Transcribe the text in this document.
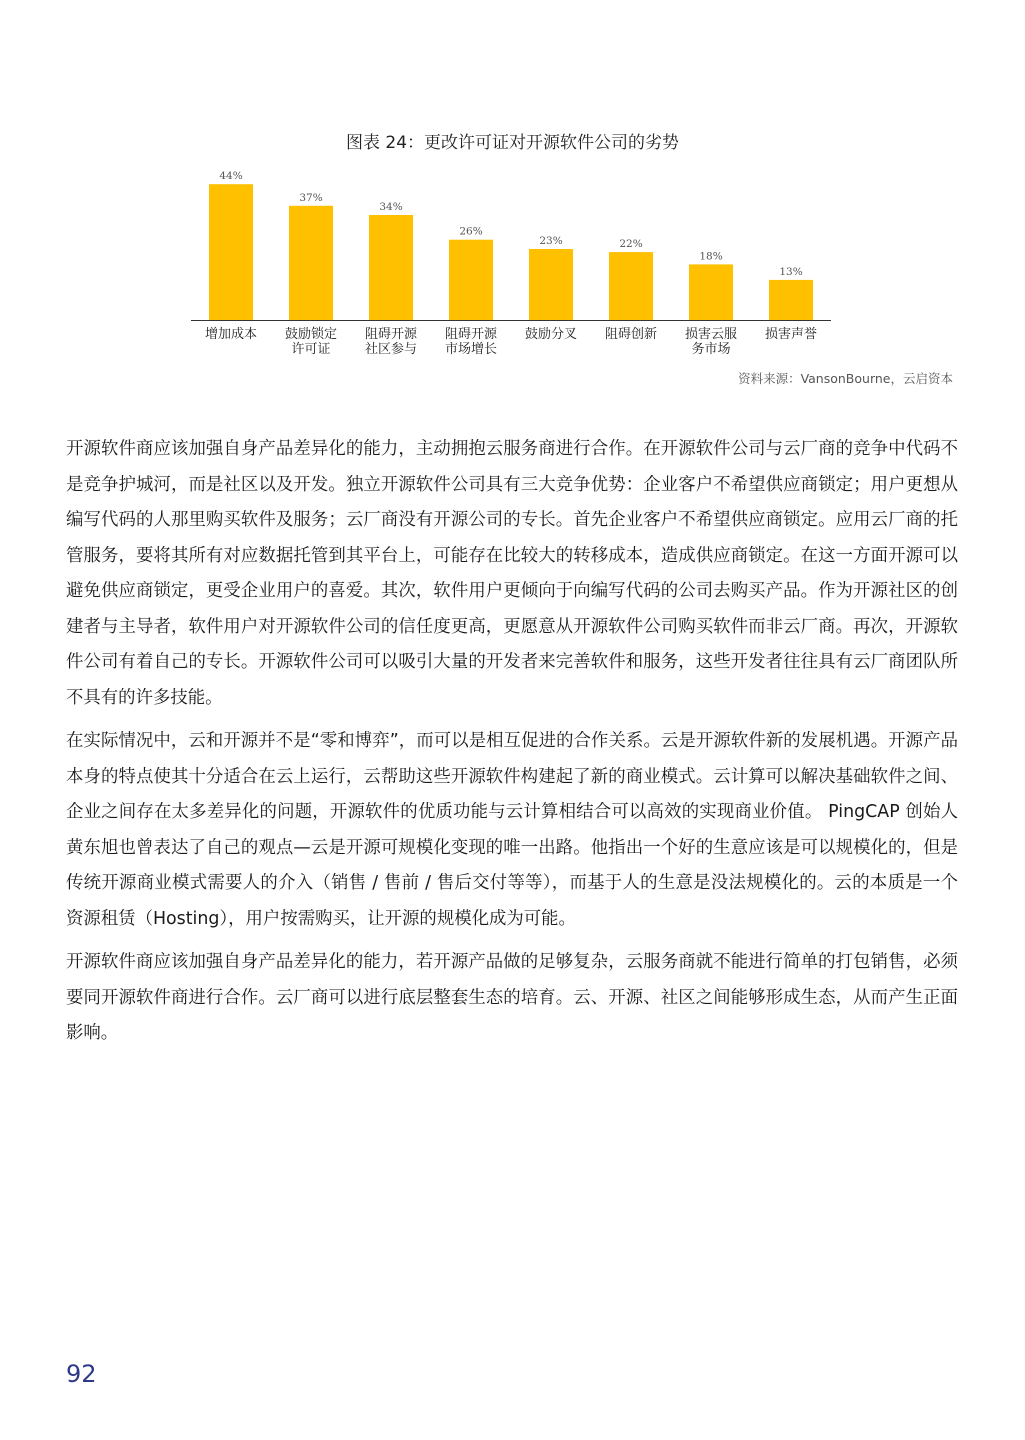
图表 24：更改许可证对开源软件公司的劣势
44%
增加成本
37%
鼓励锁定
许可证
34%
阻碍开源
社区参与
26%
阻碍开源
市场增长
23%
鼓励分叉
22%
阻碍创新
18%
损害云服
务市场
13%
损害声誉
资料来源：VansonBourne，云启资本

开源软件商应该加强自身产品差异化的能力，主动拥抱云服务商进行合作。在开源软件公司与云厂商的竞争中代码不是竞争护城河，而是社区以及开发。独立开源软件公司具有三大竞争优势：企业客户不希望供应商锁定；用户更想从编写代码的人那里购买软件及服务；云厂商没有开源公司的专长。首先企业客户不希望供应商锁定。应用云厂商的托管服务，要将其所有对应数据托管到其平台上，可能存在比较大的转移成本，造成供应商锁定。在这一方面开源可以避免供应商锁定，更受企业用户的喜爱。其次，软件用户更倾向于向编写代码的公司去购买产品。作为开源社区的创建者与主导者，软件用户对开源软件公司的信任度更高，更愿意从开源软件公司购买软件而非云厂商。再次，开源软件公司有着自己的专长。开源软件公司可以吸引大量的开发者来完善软件和服务，这些开发者往往具有云厂商团队所不具有的许多技能。

在实际情况中，云和开源并不是“零和博弈”，而可以是相互促进的合作关系。云是开源软件新的发展机遇。开源产品本身的特点使其十分适合在云上运行，云帮助这些开源软件构建起了新的商业模式。云计算可以解决基础软件之间、企业之间存在太多差异化的问题，开源软件的优质功能与云计算相结合可以高效的实现商业价值。 PingCAP 创始人黄东旭也曾表达了自己的观点—云是开源可规模化变现的唯一出路。他指出一个好的生意应该是可以规模化的，但是传统开源商业模式需要人的介入（销售 / 售前 / 售后交付等等），而基于人的生意是没法规模化的。云的本质是一个资源租赁（Hosting），用户按需购买，让开源的规模化成为可能。

开源软件商应该加强自身产品差异化的能力，若开源产品做的足够复杂，云服务商就不能进行简单的打包销售，必须要同开源软件商进行合作。云厂商可以进行底层整套生态的培育。云、开源、社区之间能够形成生态，从而产生正面影响。

92
